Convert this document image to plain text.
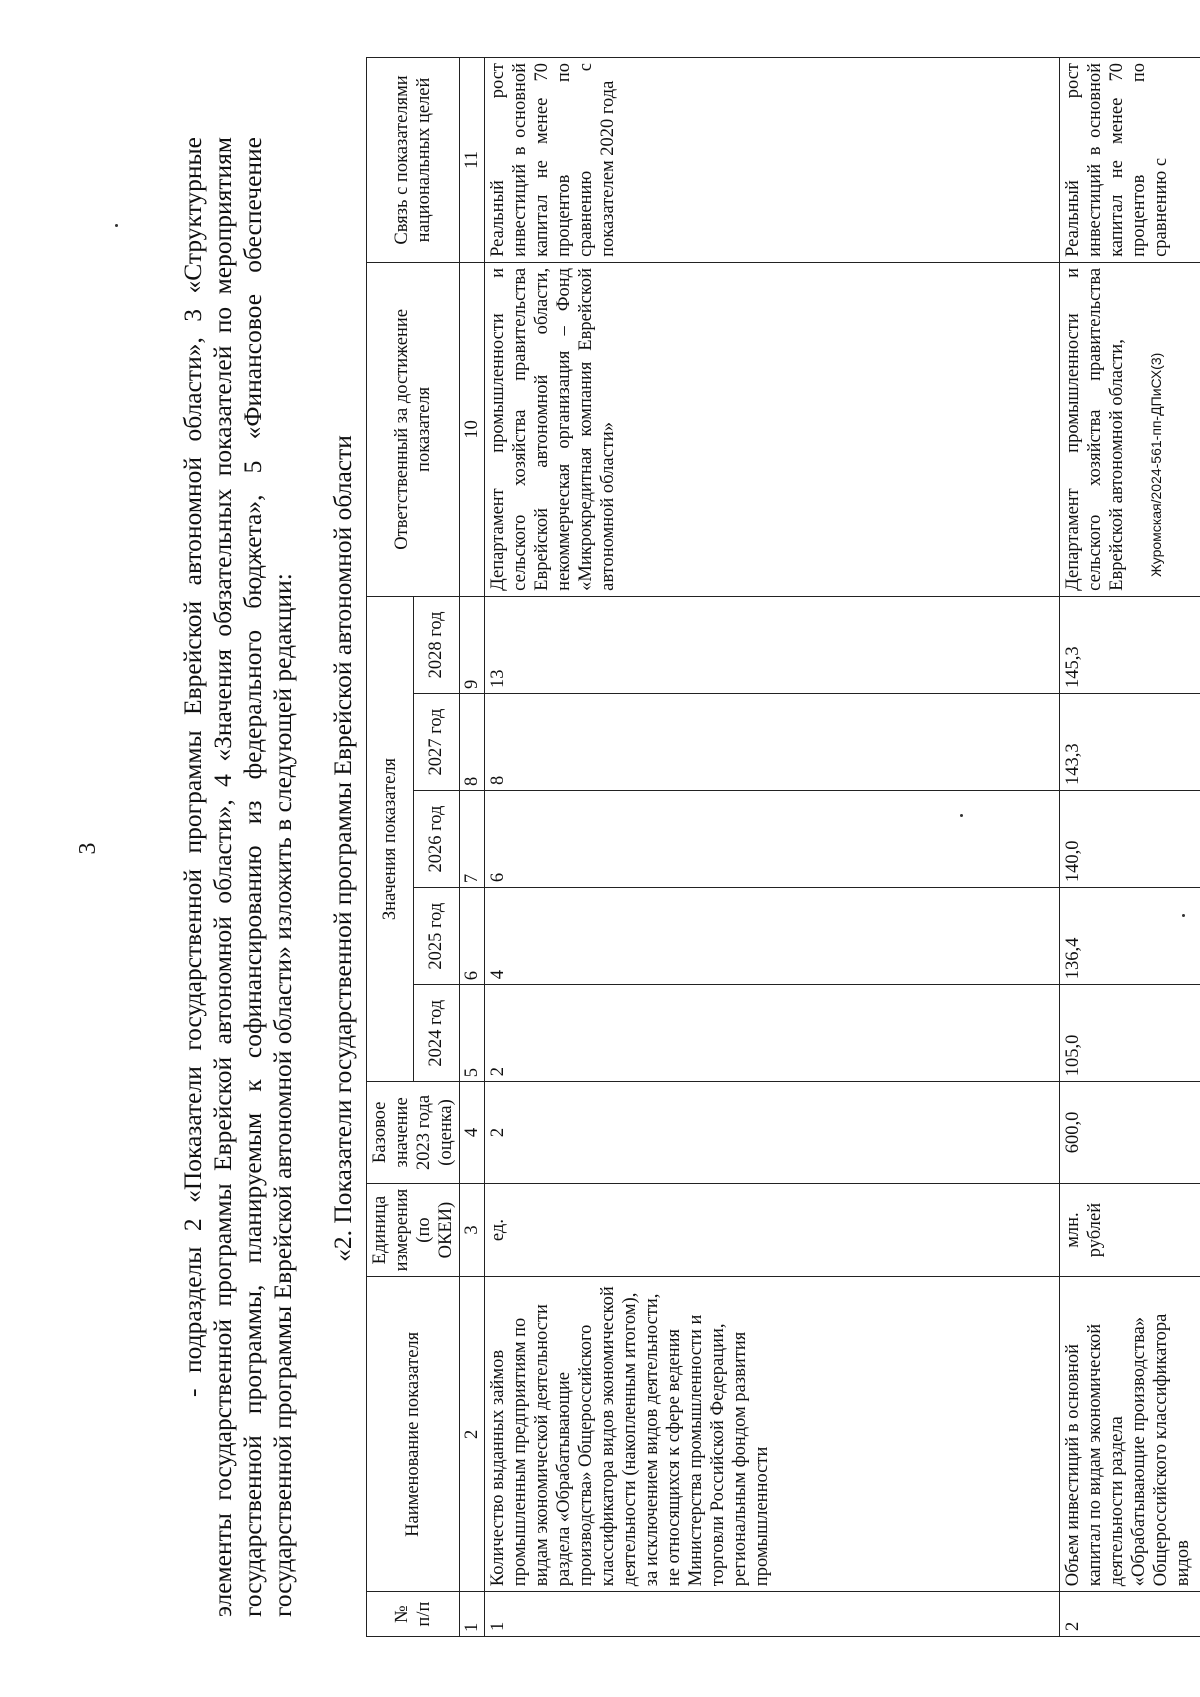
3	- подразделы 2 «Показатели государственной программы Еврейской автономной области», 3 «Структурные элементы государственной программы Еврейской автономной области», 4 «Значения обязательных показателей по мероприятиям государственной программы, планируемым к софинансированию из федерального бюджета», 5 «Финансовое обеспечение государственной программы Еврейской автономной области» изложить в следующей редакции: «2. Показатели государственной программы Еврейской автономной области
№ п/п	Наименование показателя	Единица измерения (по ОКЕИ)	Базовое значение 2023 года (оценка)	Значения показателя					Ответственный за достижение показателя	Связь с показателями национальных целей
				2024 год	2025 год	2026 год	2027 год	2028 год		
1	2	3	4	5	6	7	8	9	10	11
1	Количество выданных займов промышленным предприятиям по видам экономической деятельности раздела «Обрабатывающие производства» Общероссийского классификатора видов экономической деятельности (накопленным итогом), за исключением видов деятельности, не относящихся к сфере ведения Министерства промышленности и торговли Российской Федерации, региональным фондом развития промышленности	ед.	2	2	4	6	8	13	Департамент промышленности и сельского хозяйства правительства Еврейской автономной области, некоммерческая организация – Фонд «Микрокредитная компания Еврейской автономной области»	Реальный рост инвестиций в основной капитал не менее 70 процентов по сравнению с показателем 2020 года
2	Объем инвестиций в основной капитал по видам экономической деятельности раздела «Обрабатывающие производства» Общероссийского классификатора видов	млн. рублей	600,0	105,0	136,4	140,0	143,3	145,3	Департамент промышленности и сельского хозяйства правительства Еврейской автономной области,	Реальный рост инвестиций в основной капитал не менее 70 процентов по сравнению с
Журомская/2024-561-пп-ДПиСХ(3)
